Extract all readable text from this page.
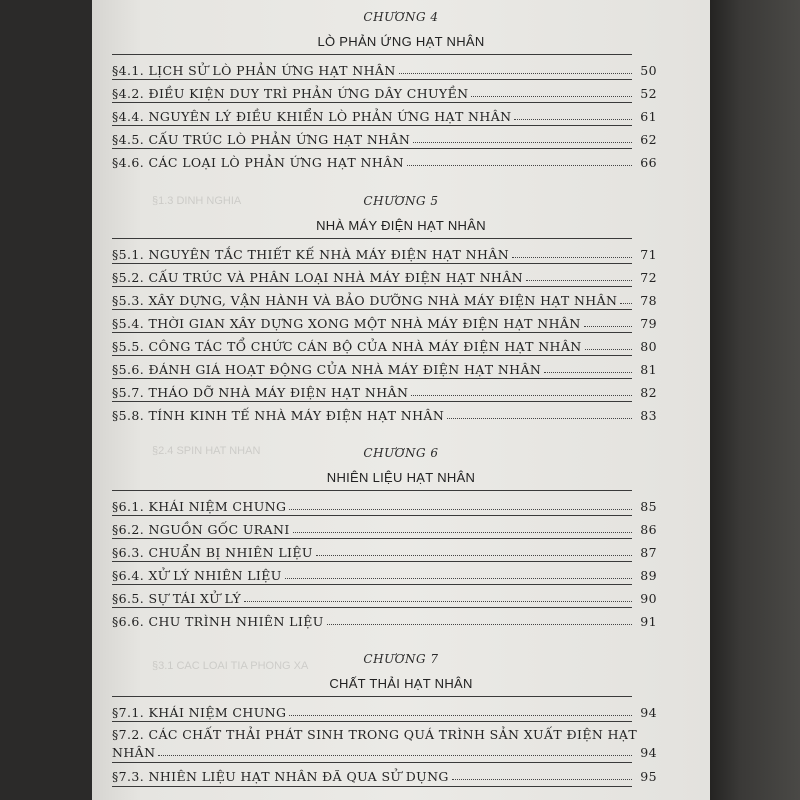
§1.3 DINH NGHIA
§2.4 SPIN HAT NHAN
§3.1 CAC LOAI TIA PHONG XA
CHƯƠNG 4
LÒ PHẢN ỨNG HẠT NHÂN
§4.1. LỊCH SỬ LÒ PHẢN ỨNG HẠT NHÂN	50
§4.2. ĐIỀU KIỆN DUY TRÌ PHẢN ỨNG DÂY CHUYỀN	52
§4.4. NGUYÊN LÝ ĐIỀU KHIỂN LÒ PHẢN ỨNG HẠT NHÂN	61
§4.5. CẤU TRÚC LÒ PHẢN ỨNG HẠT NHÂN	62
§4.6. CÁC LOẠI LÒ PHẢN ỨNG HẠT NHÂN	66
CHƯƠNG 5
NHÀ MÁY ĐIỆN HẠT NHÂN
§5.1. NGUYÊN TẮC THIẾT KẾ NHÀ MÁY ĐIỆN HẠT NHÂN	71
§5.2. CẤU TRÚC VÀ PHÂN LOẠI NHÀ MÁY ĐIỆN HẠT NHÂN	72
§5.3. XÂY DỰNG, VẬN HÀNH VÀ BẢO DƯỠNG NHÀ MÁY ĐIỆN HẠT NHÂN	78
§5.4. THỜI GIAN XÂY DỰNG XONG MỘT NHÀ MÁY ĐIỆN HẠT NHÂN	79
§5.5. CÔNG TÁC TỔ CHỨC CÁN BỘ CỦA NHÀ MÁY ĐIỆN HẠT NHÂN	80
§5.6. ĐÁNH GIÁ HOẠT ĐỘNG CỦA NHÀ MÁY ĐIỆN HẠT NHÂN	81
§5.7. THÁO DỠ NHÀ MÁY ĐIỆN HẠT NHÂN	82
§5.8. TÍNH KINH TẾ NHÀ MÁY ĐIỆN HẠT NHÂN	83
CHƯƠNG 6
NHIÊN LIỆU HẠT NHÂN
§6.1. KHÁI NIỆM CHUNG	85
§6.2. NGUỒN GỐC URANI	86
§6.3. CHUẨN BỊ NHIÊN LIỆU	87
§6.4. XỬ LÝ NHIÊN LIỆU	89
§6.5. SỰ TÁI XỬ LÝ	90
§6.6. CHU TRÌNH NHIÊN LIỆU	91
CHƯƠNG 7
CHẤT THẢI HẠT NHÂN
§7.1. KHÁI NIỆM CHUNG	94
§7.2. CÁC CHẤT THẢI PHÁT SINH TRONG QUÁ TRÌNH SẢN XUẤT ĐIỆN HẠT
NHÂN	94
§7.3. NHIÊN LIỆU HẠT NHÂN ĐÃ QUA SỬ DỤNG	95
